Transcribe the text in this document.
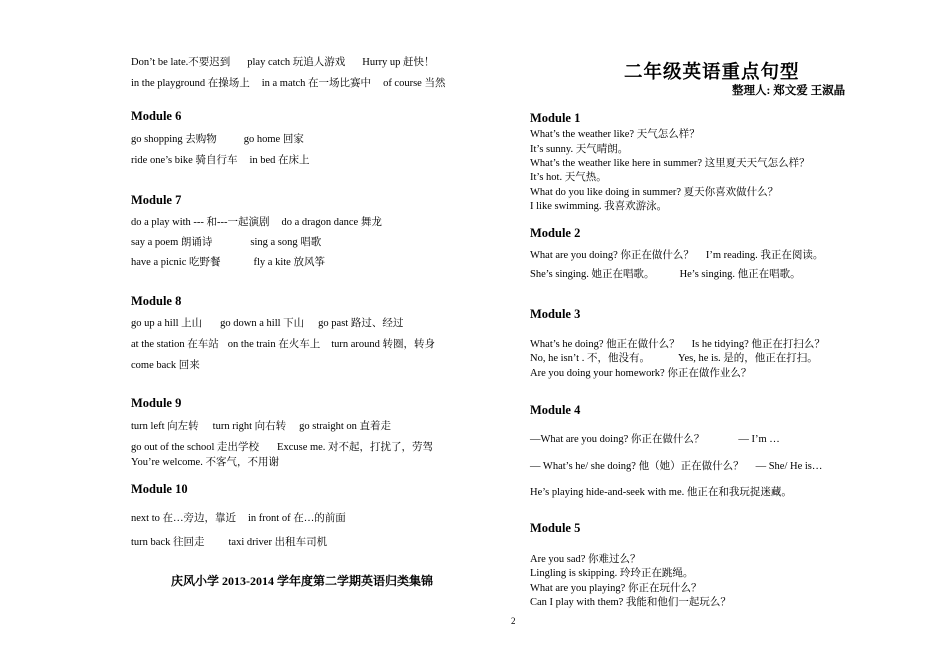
Don’t be late.不要迟到 play catch 玩追人游戏 Hurry up 赶快！
in the playground 在操场上 in a match 在一场比赛中 of course 当然
Module 6
go shopping 去购物	go home 回家
ride one’s bike 骑自行车 in bed 在床上
Module 7
do a play with --- 和---一起演剧 do a dragon dance 舞龙
say a poem 朗诵诗	sing a song 唱歌
have a picnic 吃野餐	fly a kite 放风筝
Module 8
go up a hill 上山 go down a hill 下山 go past 路过、经过
at the station 在车站 on the train 在火车上 turn around 转圈，转身
come back 回来
Module 9
turn left 向左转 turn right 向右转 go straight on 直着走
go out of the school 走出学校 Excuse me. 对不起，打扰了，劳驾
You’re welcome. 不客气，不用谢
Module 10
next to 在…旁边，靠近 in front of 在…的前面
turn back 往回走 taxi driver 出租车司机
庆风小学 2013-2014 学年度第二学期英语归类集锦
二年级英语重点句型
整理人: 郑文爱 王淑晶
Module 1
What’s the weather like? 天气怎么样？
It’s sunny. 天气晴朗。
What’s the weather like here in summer? 这里夏天天气怎么样？
It’s hot. 天气热。
What do you like doing in summer? 夏天你喜欢做什么？
I like swimming. 我喜欢游泳。
Module 2
What are you doing? 你正在做什么？ I’m reading. 我正在阅读。
She’s singing. 她正在唱歌。 He’s singing. 他正在唱歌。
Module 3
What’s he doing? 他正在做什么？ Is he tidying? 他正在打扫么？
No, he isn’t . 不，他没有。	Yes, he is. 是的，他正在打扫。
Are you doing your homework? 你正在做作业么？
Module 4
—What are you doing? 你正在做什么？	— I’m …
— What’s he/ she doing? 他（她）正在做什么？ — She/ He is…
He’s playing hide-and-seek with me. 他正在和我玩捉迷藏。
Module 5
Are you sad? 你难过么？
Lingling is skipping. 玲玲正在跳绳。
What are you playing? 你正在玩什么？
Can I play with them? 我能和他们一起玩么？
2
